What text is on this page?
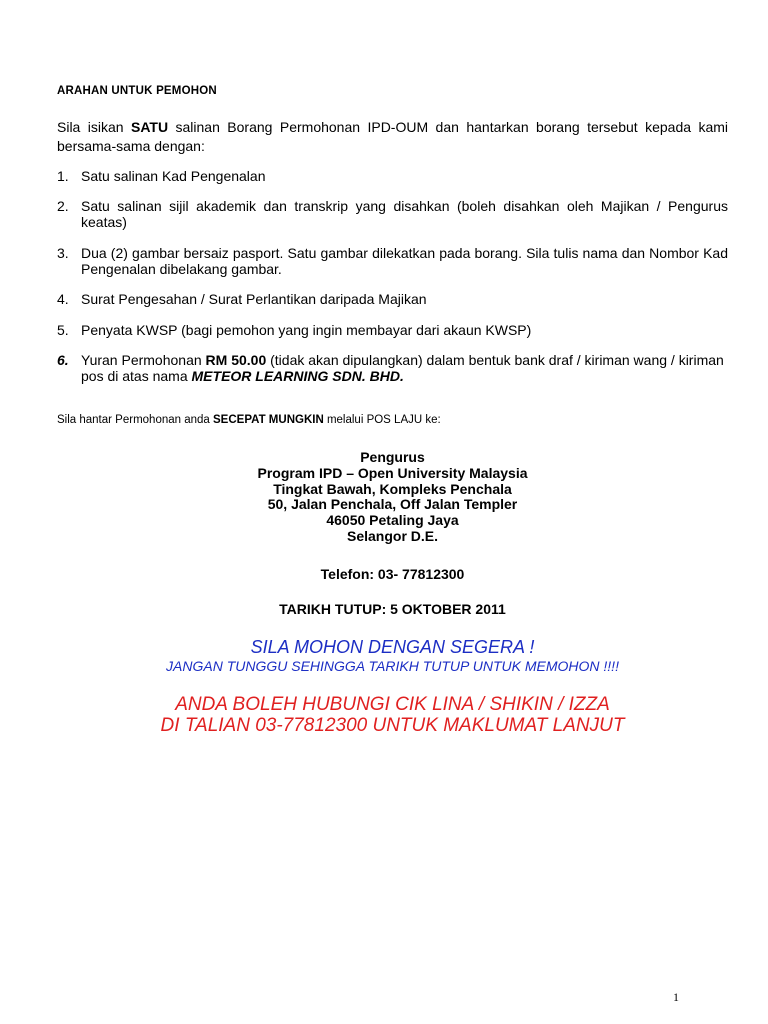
ARAHAN UNTUK PEMOHON
Sila isikan SATU salinan Borang Permohonan IPD-OUM dan hantarkan borang tersebut kepada kami bersama-sama dengan:
1. Satu salinan Kad Pengenalan
2. Satu salinan sijil akademik dan transkrip yang disahkan (boleh disahkan oleh Majikan / Pengurus keatas)
3. Dua (2) gambar bersaiz pasport. Satu gambar dilekatkan pada borang. Sila tulis nama dan Nombor Kad Pengenalan dibelakang gambar.
4. Surat Pengesahan / Surat Perlantikan daripada Majikan
5. Penyata KWSP (bagi pemohon yang ingin membayar dari akaun KWSP)
6. Yuran Permohonan RM 50.00 (tidak akan dipulangkan) dalam bentuk bank draf / kiriman wang / kiriman pos di atas nama METEOR LEARNING SDN. BHD.
Sila hantar Permohonan anda SECEPAT MUNGKIN melalui POS LAJU ke:
Pengurus
Program IPD – Open University Malaysia
Tingkat Bawah, Kompleks Penchala
50, Jalan Penchala, Off Jalan Templer
46050 Petaling Jaya
Selangor D.E.
Telefon: 03- 77812300
TARIKH TUTUP: 5 OKTOBER 2011
SILA MOHON DENGAN SEGERA !
JANGAN TUNGGU SEHINGGA TARIKH TUTUP UNTUK MEMOHON !!!!
ANDA BOLEH HUBUNGI CIK LINA / SHIKIN / IZZA
DI TALIAN 03-77812300 UNTUK MAKLUMAT LANJUT
1
